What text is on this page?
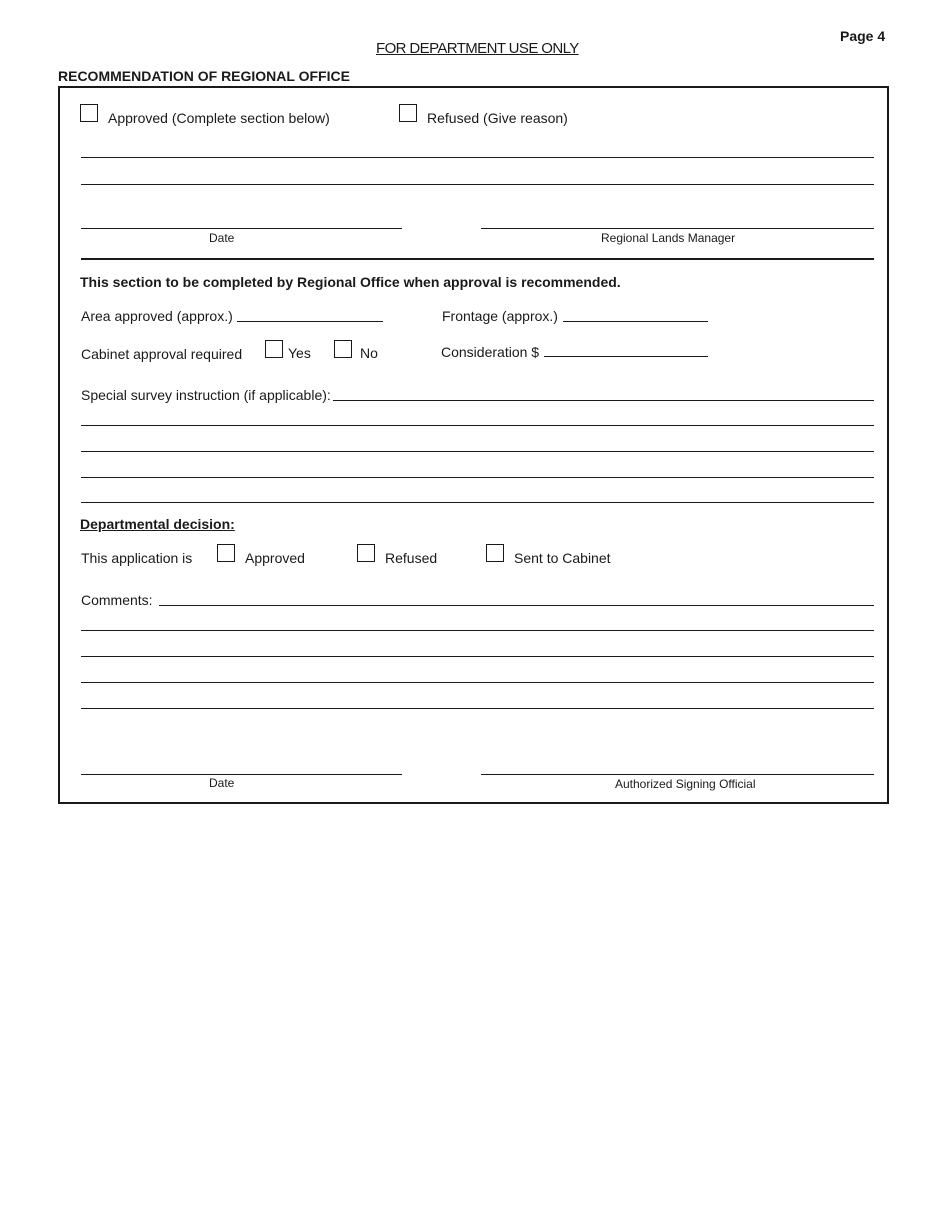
Page 4
FOR DEPARTMENT USE ONLY
RECOMMENDATION OF REGIONAL OFFICE
Approved (Complete section below)	Refused (Give reason)
Date	Regional Lands Manager
This section to be completed by Regional Office when approval is recommended.
Area approved (approx.)	Frontage (approx.)
Cabinet approval required	Yes	No	Consideration $
Special survey instruction (if applicable):
Departmental decision:
This application is	Approved	Refused	Sent to Cabinet
Comments:
Date	Authorized Signing Official
